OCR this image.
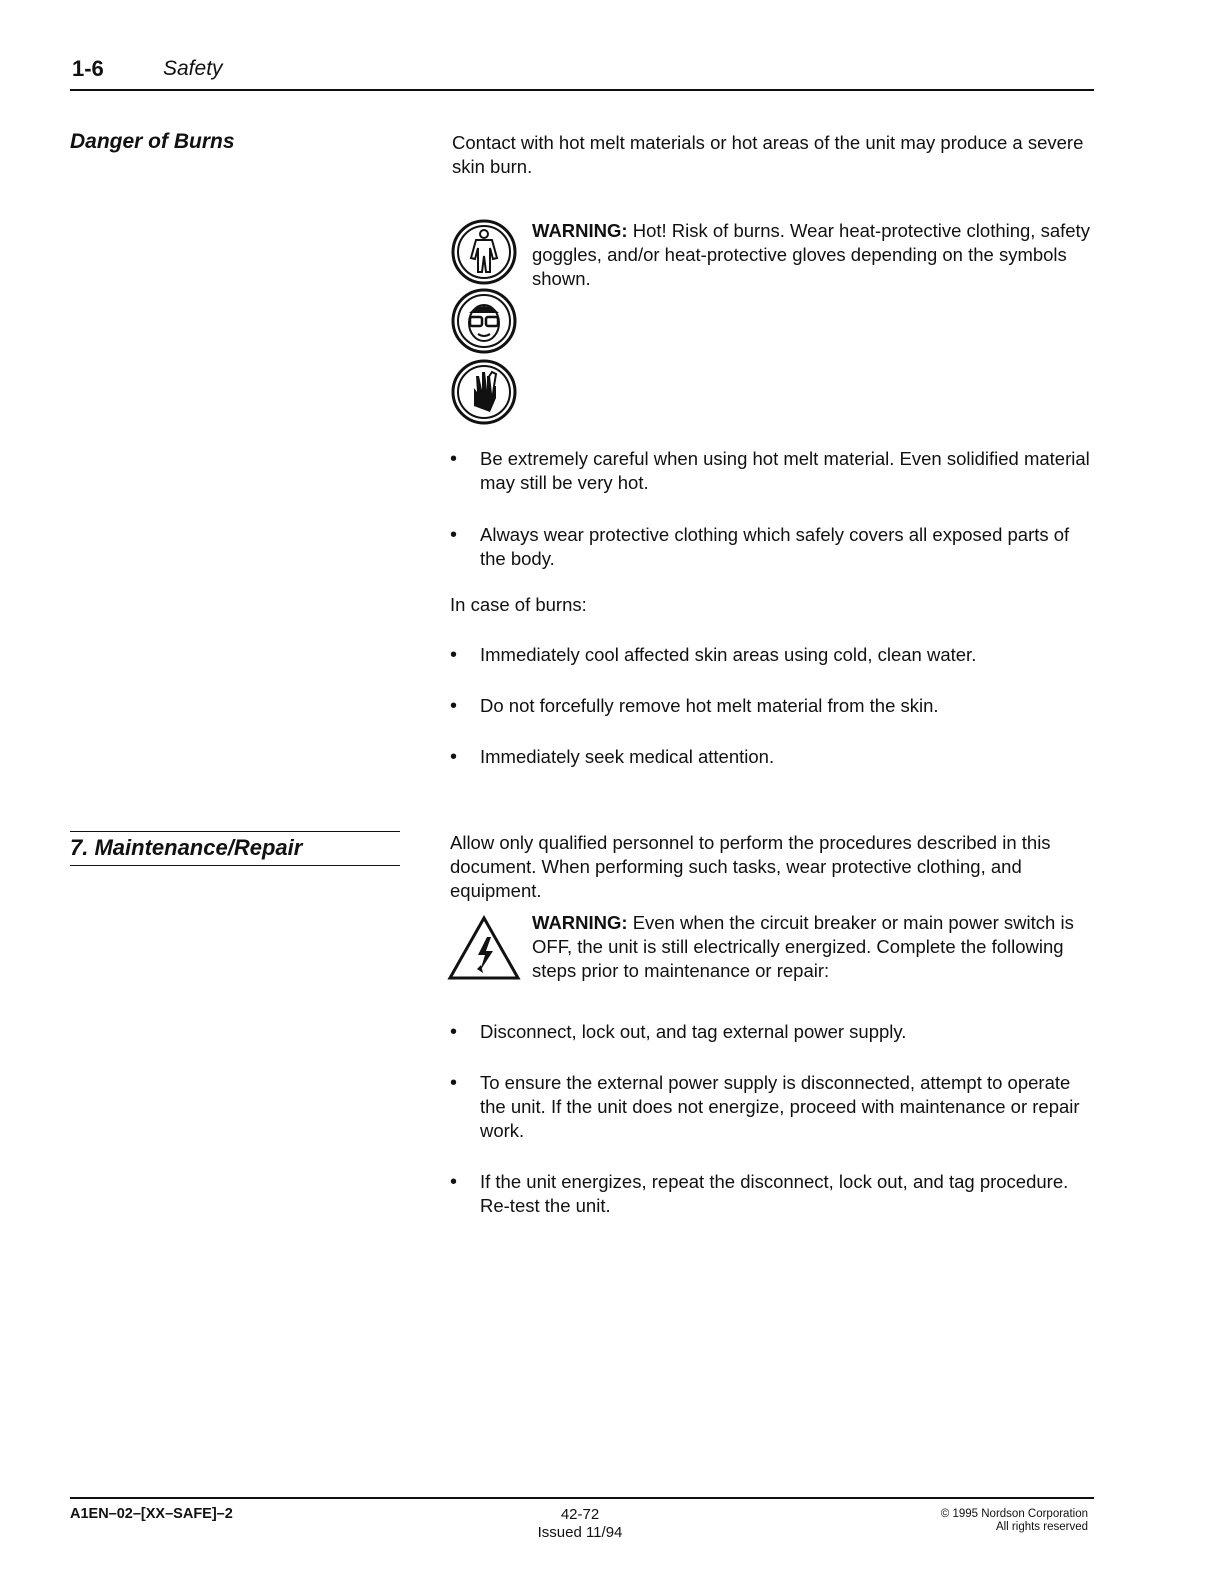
1-6	Safety
Danger of Burns	Contact with hot melt materials or hot areas of the unit may produce a severe skin burn.
WARNING: Hot! Risk of burns. Wear heat-protective clothing, safety goggles, and/or heat-protective gloves depending on the symbols shown.
• Be extremely careful when using hot melt material. Even solidified material may still be very hot.
• Always wear protective clothing which safely covers all exposed parts of the body.
In case of burns:
• Immediately cool affected skin areas using cold, clean water.
• Do not forcefully remove hot melt material from the skin.
• Immediately seek medical attention.
7. Maintenance/Repair	Allow only qualified personnel to perform the procedures described in this document. When performing such tasks, wear protective clothing, and equipment.
WARNING: Even when the circuit breaker or main power switch is OFF, the unit is still electrically energized. Complete the following steps prior to maintenance or repair:
• Disconnect, lock out, and tag external power supply.
• To ensure the external power supply is disconnected, attempt to operate the unit. If the unit does not energize, proceed with maintenance or repair work.
• If the unit energizes, repeat the disconnect, lock out, and tag procedure. Re-test the unit.
A1EN–02–[XX–SAFE]–2	42-72
Issued 11/94
© 1995 Nordson Corporation
All rights reserved
